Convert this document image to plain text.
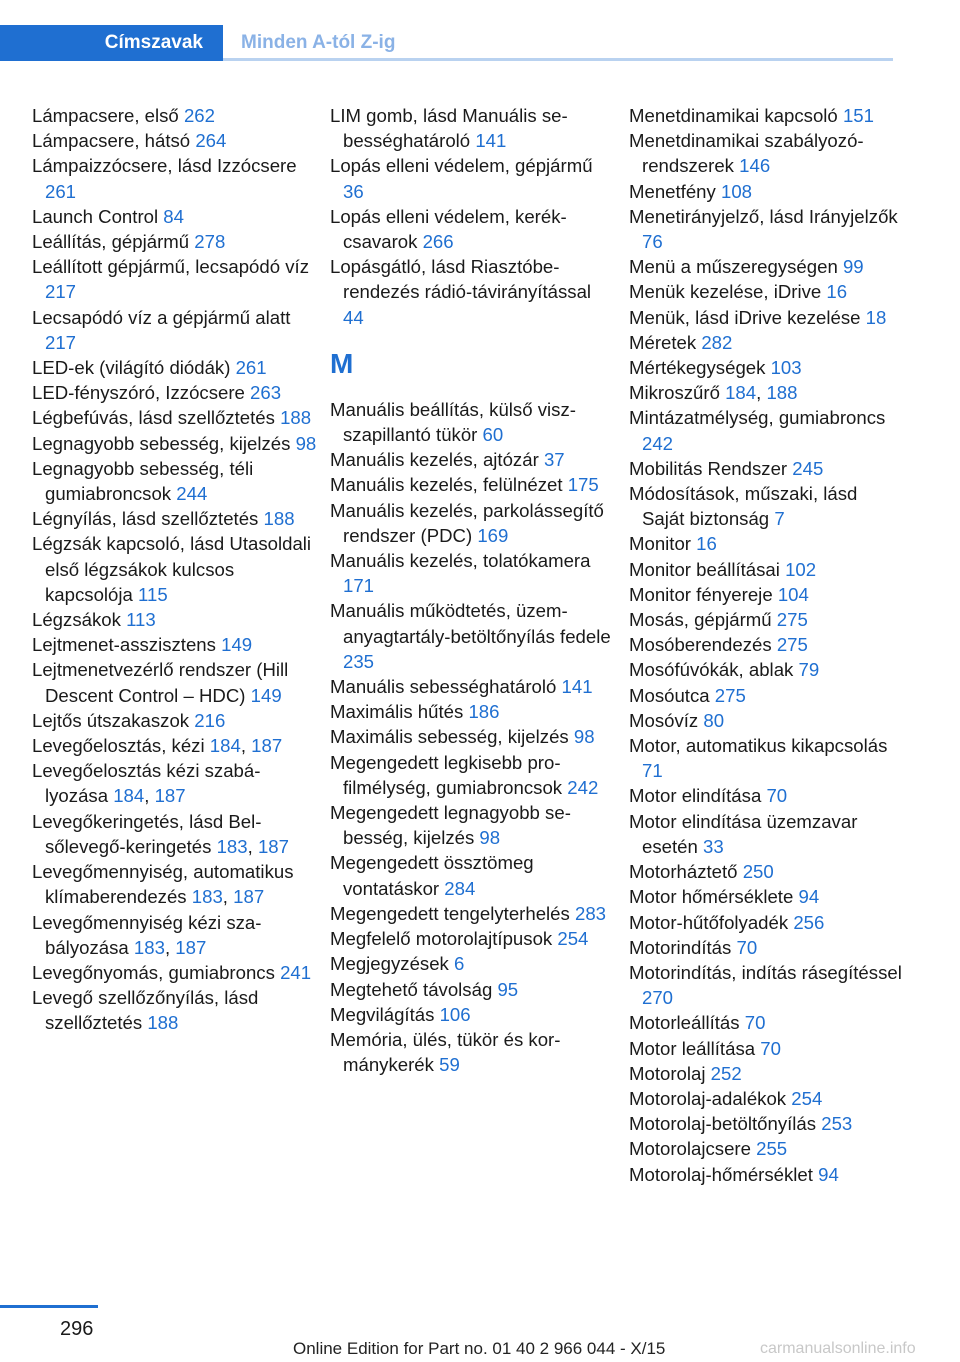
Címszavak	Minden A-tól Z-ig
Lámpacsere, első 262
Lámpacsere, hátsó 264
Lámpaizzócsere, lásd Izzócsere 261
Launch Control 84
Leállítás, gépjármű 278
Leállított gépjármű, lecsapódó víz 217
Lecsapódó víz a gépjármű alatt 217
LED-ek (világító diódák) 261
LED-fényszóró, Izzócsere 263
Légbefúvás, lásd szellőztetés 188
Legnagyobb sebesség, kijelzés 98
Legnagyobb sebesség, téli gumiabroncsok 244
Légnyílás, lásd szellőztetés 188
Légzsák kapcsoló, lásd Utasoldali első légzsákok kulcsos kapcsolója 115
Légzsákok 113
Lejtmenet-asszisztens 149
Lejtmenetvezérlő rendszer (Hill Descent Control – HDC) 149
Lejtős útszakaszok 216
Levegőelosztás, kézi 184, 187
Levegőelosztás kézi szabályozása 184, 187
Levegőkeringetés, lásd Belsőlevegő-keringetés 183, 187
Levegőmennyiség, automatikus klímaberendezés 183, 187
Levegőmennyiség kézi szabályozása 183, 187
Levegőnyomás, gumiabroncs 241
Levegő szellőzőnyílás, lásd szellőztetés 188
LIM gomb, lásd Manuális sebességhatároló 141
Lopás elleni védelem, gépjármű 36
Lopás elleni védelem, kerékcsavarok 266
Lopásgátló, lásd Riasztóberendezés rádió-távirányítással 44
M
Manuális beállítás, külső viszszapillantó tükör 60
Manuális kezelés, ajtózár 37
Manuális kezelés, felülnézet 175
Manuális kezelés, parkolássegítő rendszer (PDC) 169
Manuális kezelés, tolatókamera 171
Manuális működtetés, üzemanyagtartály-betöltőnyílás fedele 235
Manuális sebességhatároló 141
Maximális hűtés 186
Maximális sebesség, kijelzés 98
Megengedett legkisebb profilmélység, gumiabroncsok 242
Megengedett legnagyobb sebesség, kijelzés 98
Megengedett össztömeg vontatáskor 284
Megengedett tengelyterhelés 283
Megfelelő motorolajtípusok 254
Megjegyzések 6
Megtehető távolság 95
Megvilágítás 106
Memória, ülés, tükör és kormánykerék 59
Menetdinamikai kapcsoló 151
Menetdinamikai szabályozórendszerek 146
Menetfény 108
Menetirányjelző, lásd Irányjelzők 76
Menü a műszeregységen 99
Menük kezelése, iDrive 16
Menük, lásd iDrive kezelése 18
Méretek 282
Mértékegységek 103
Mikroszűrő 184, 188
Mintázatmélység, gumiabroncs 242
Mobilitás Rendszer 245
Módosítások, műszaki, lásd Saját biztonság 7
Monitor 16
Monitor beállításai 102
Monitor fényereje 104
Mosás, gépjármű 275
Mosóberendezés 275
Mosófúvókák, ablak 79
Mosóutca 275
Mosóvíz 80
Motor, automatikus kikapcsolás 71
Motor elindítása 70
Motor elindítása üzemzavar esetén 33
Motorháztető 250
Motor hőmérséklete 94
Motor-hűtőfolyadék 256
Motorindítás 70
Motorindítás, indítás rásegítéssel 270
Motorleállítás 70
Motor leállítása 70
Motorolaj 252
Motorolaj-adalékok 254
Motorolaj-betöltőnyílás 253
Motorolajcsere 255
Motorolaj-hőmérséklet 94
296
Online Edition for Part no. 01 40 2 966 044 - X/15	carmanualsonline.info
